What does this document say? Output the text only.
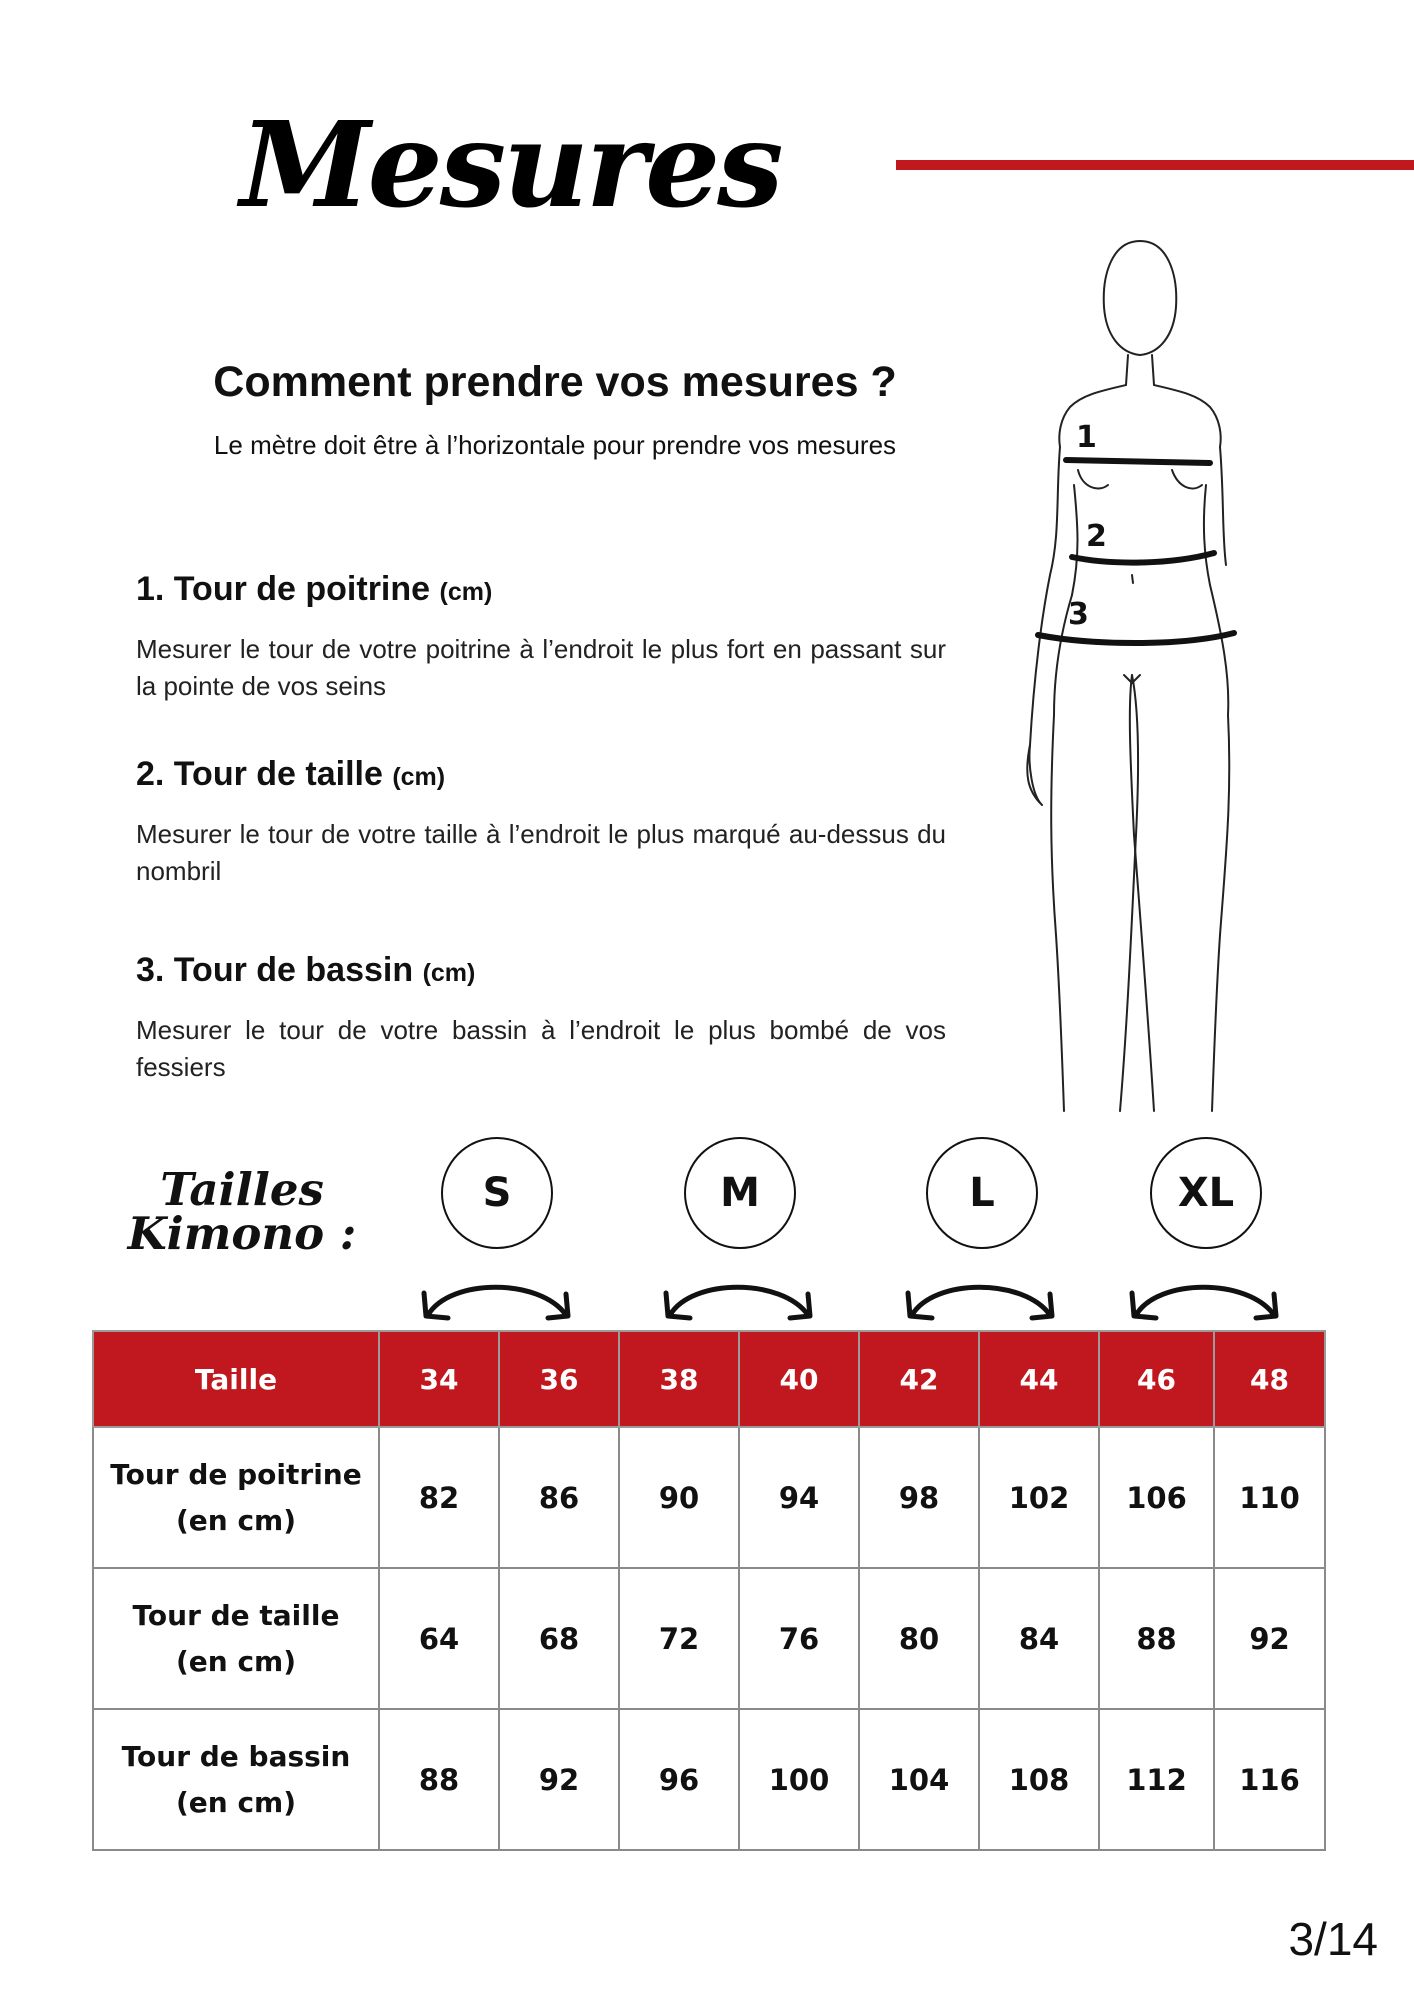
Mesures
Comment prendre vos mesures ?

Le mètre doit être à l’horizontale pour prendre vos mesures

1. Tour de poitrine (cm)

Mesurer le tour de votre poitrine à l’endroit le plus fort en passant sur la pointe de vos seins

2. Tour de taille (cm)

Mesurer le tour de votre taille à l’endroit le plus marqué au-dessus du nombril

3. Tour de bassin (cm)

Mesurer le tour de votre bassin à l’endroit le plus bombé de vos fessiers

1
2
3
Tailles
Kimono :
S	M	L	XL
Taille	34	36	38	40	42	44	46	48

Tour de poitrine
(en cm)	82	86	90	94	98	102	106	110

Tour de taille
(en cm)	64	68	72	76	80	84	88	92

Tour de bassin
(en cm)	88	92	96	100	104	108	112	116
3/14
